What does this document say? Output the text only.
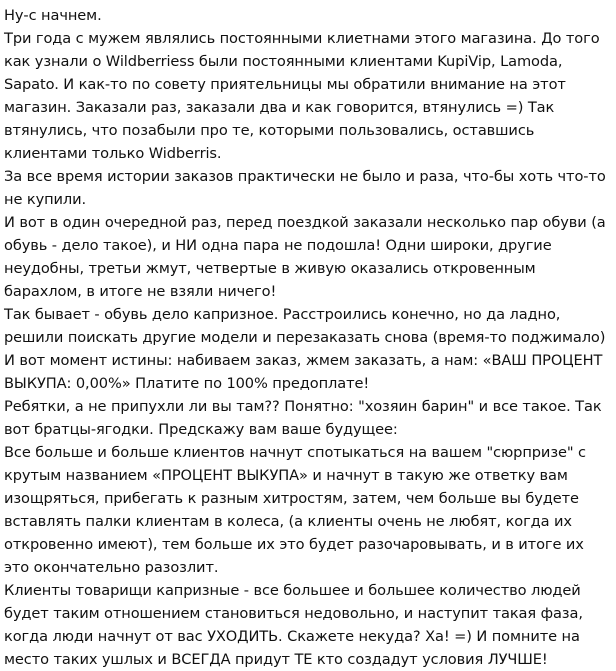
Ну-с начнем.

Три года с мужем являлись постоянными клиетнами этого магазина. До того как узнали о Wildberriess были постоянными клиентами KupiVip, Lamoda, Sapato. И как-то по совету приятельницы мы обратили внимание на этот магазин. Заказали раз, заказали два и как говорится, втянулись =) Так втянулись, что позабыли про те, которыми пользовались, оставшись клиентами только Widberris.

За все время истории заказов практически не было и раза, что-бы хоть что-то не купили.

И вот в один очередной раз, перед поездкой заказали несколько пар обуви (а обувь - дело такое), и НИ одна пара не подошла! Одни широки, другие неудобны, третьи жмут, четвертые в живую оказались откровенным барахлом, в итоге не взяли ничего!

Так бывает - обувь дело капризное. Расстроились конечно, но да ладно, решили поискать другие модели и перезаказать снова (время-то поджимало)

И вот момент истины: набиваем заказ, жмем заказать, а нам: «ВАШ ПРОЦЕНТ ВЫКУПА: 0,00%» Платите по 100% предоплате!

Ребятки, а не припухли ли вы там?? Понятно: "хозяин барин" и все такое. Так вот братцы-ягодки. Предскажу вам ваше будущее:

Все больше и больше клиентов начнут спотыкаться на вашем "сюрпризе" с крутым названием «ПРОЦЕНТ ВЫКУПА» и начнут в такую же ответку вам изощряться, прибегать к разным хитростям, затем, чем больше вы будете вставлять палки клиентам в колеса, (а клиенты очень не любят, когда их откровенно имеют), тем больше их это будет разочаровывать, и в итоге их это окончательно разозлит.

Клиенты товарищи капризные - все большее и большее количество людей будет таким отношением становиться недовольно, и наступит такая фаза, когда люди начнут от вас УХОДИТЬ. Скажете некуда? Ха! =) И помните на место таких ушлых и ВСЕГДА придут ТЕ кто создадут условия ЛУЧШЕ!
